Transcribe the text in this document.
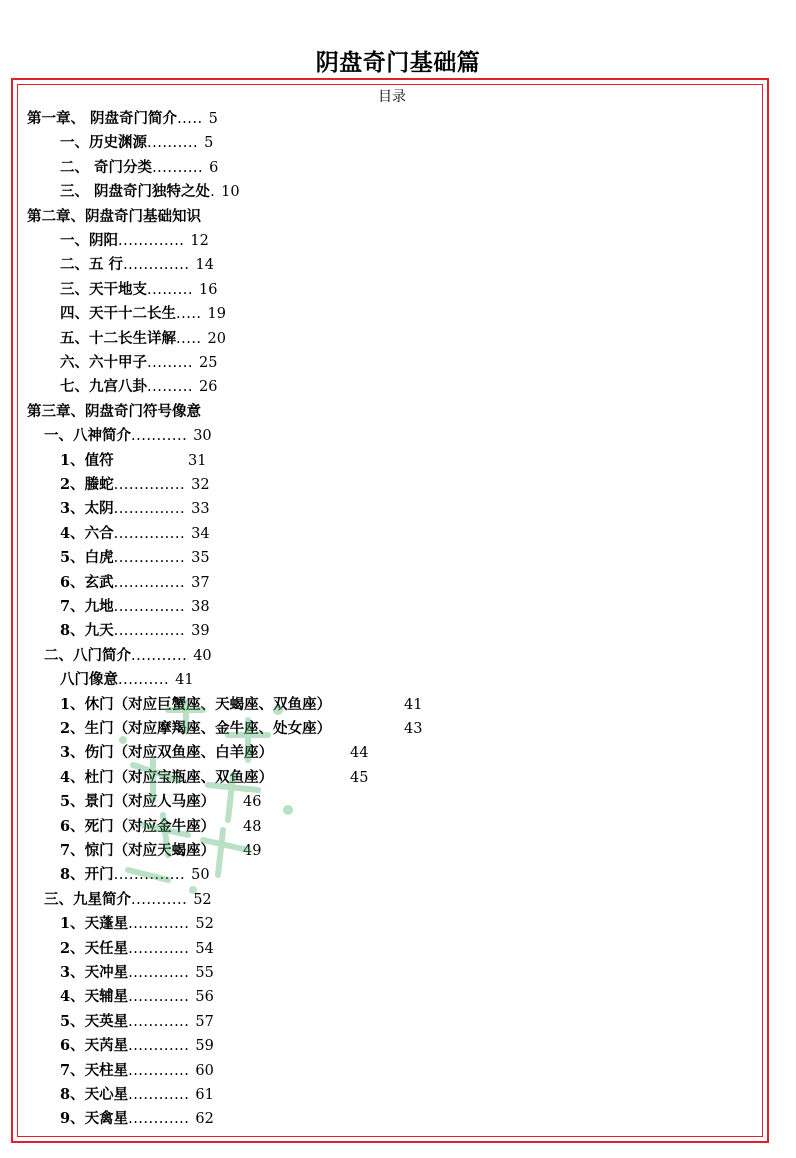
阴盘奇门基础篇
目录
第一章、 阴盘奇门简介..... 5
一、历史渊源.......... 5
二、 奇门分类.......... 6
三、 阴盘奇门独特之处. 10
第二章、阴盘奇门基础知识
一、阴阳............. 12
二、五 行............. 14
三、天干地支......... 16
四、天干十二长生..... 19
五、十二长生详解..... 20
六、六十甲子......... 25
七、九宫八卦......... 26
第三章、阴盘奇门符号像意
一、八神简介........... 30
1、值符	31
2、螣蛇.............. 32
3、太阴.............. 33
4、六合.............. 34
5、白虎.............. 35
6、玄武.............. 37
7、九地.............. 38
8、九天.............. 39
二、八门简介........... 40
八门像意.......... 41
1、休门（对应巨蟹座、天蝎座、双鱼座）	41
2、生门（对应摩羯座、金牛座、处女座）	43
3、伤门（对应双鱼座、白羊座）	44
4、杜门（对应宝瓶座、双鱼座）	45
5、景门（对应人马座） 46
6、死门（对应金牛座） 48
7、惊门（对应天蝎座） 49
8、开门.............. 50
三、九星简介........... 52
1、天蓬星............ 52
2、天任星............ 54
3、天冲星............ 55
4、天辅星............ 56
5、天英星............ 57
6、天芮星............ 59
7、天柱星............ 60
8、天心星............ 61
9、天禽星............ 62
